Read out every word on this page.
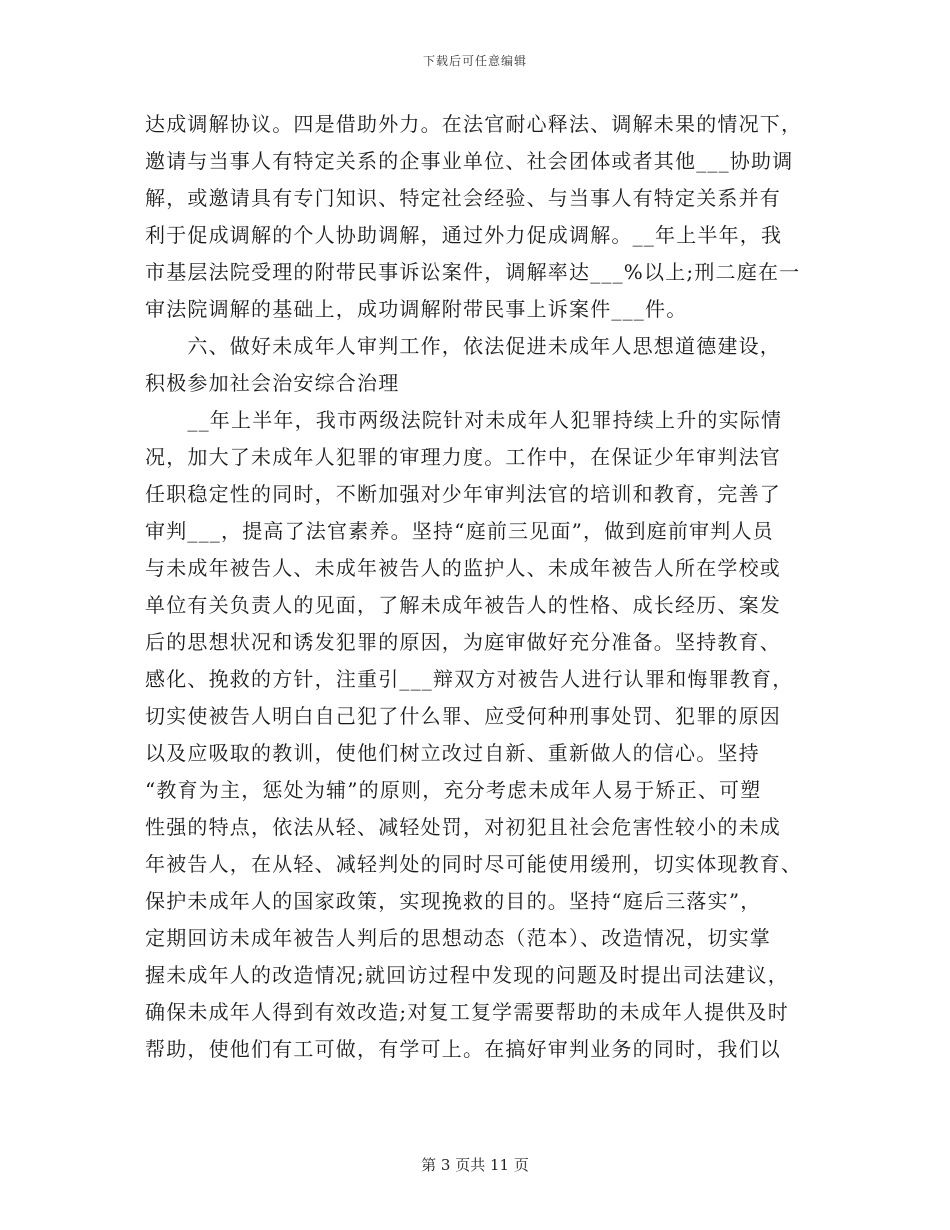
下载后可任意编辑
达成调解协议。四是借助外力。在法官耐心释法、调解未果的情况下，
邀请与当事人有特定关系的企事业单位、社会团体或者其他___协助调
解，或邀请具有专门知识、特定社会经验、与当事人有特定关系并有
利于促成调解的个人协助调解，通过外力促成调解。__年上半年，我
市基层法院受理的附带民事诉讼案件，调解率达___%以上;刑二庭在一
审法院调解的基础上，成功调解附带民事上诉案件___件。
　　六、做好未成年人审判工作，依法促进未成年人思想道德建设，
积极参加社会治安综合治理
　　__年上半年，我市两级法院针对未成年人犯罪持续上升的实际情
况，加大了未成年人犯罪的审理力度。工作中，在保证少年审判法官
任职稳定性的同时，不断加强对少年审判法官的培训和教育，完善了
审判___，提高了法官素养。坚持“庭前三见面”，做到庭前审判人员
与未成年被告人、未成年被告人的监护人、未成年被告人所在学校或
单位有关负责人的见面，了解未成年被告人的性格、成长经历、案发
后的思想状况和诱发犯罪的原因，为庭审做好充分准备。坚持教育、
感化、挽救的方针，注重引___辩双方对被告人进行认罪和悔罪教育，
切实使被告人明白自己犯了什么罪、应受何种刑事处罚、犯罪的原因
以及应吸取的教训，使他们树立改过自新、重新做人的信心。坚持
“教育为主，惩处为辅”的原则，充分考虑未成年人易于矫正、可塑
性强的特点，依法从轻、减轻处罚，对初犯且社会危害性较小的未成
年被告人，在从轻、减轻判处的同时尽可能使用缓刑，切实体现教育、
保护未成年人的国家政策，实现挽救的目的。坚持“庭后三落实”，
定期回访未成年被告人判后的思想动态（范本）、改造情况，切实掌
握未成年人的改造情况;就回访过程中发现的问题及时提出司法建议，
确保未成年人得到有效改造;对复工复学需要帮助的未成年人提供及时
帮助，使他们有工可做，有学可上。在搞好审判业务的同时，我们以
第 3 页共 11 页
